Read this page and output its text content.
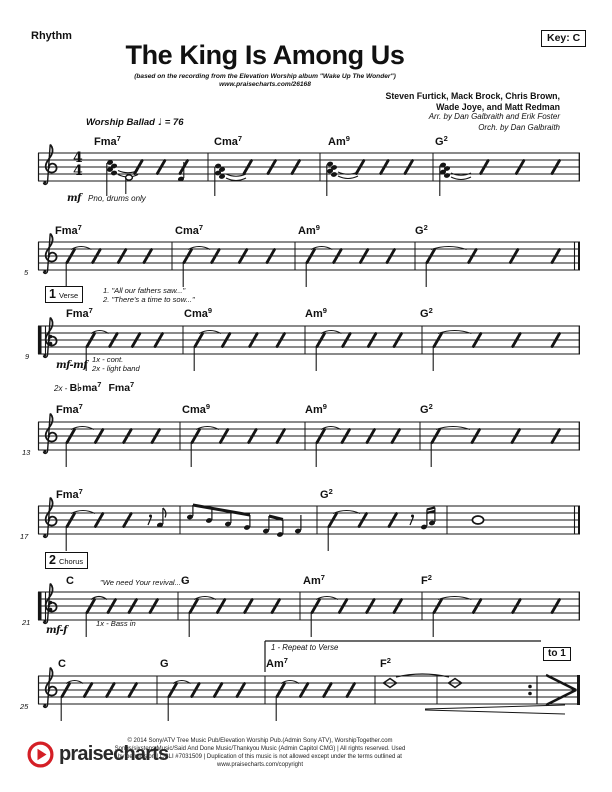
Rhythm	Key: C
The King Is Among Us
(based on the recording from the Elevation Worship album "Wake Up The Wonder")
www.praisecharts.com/26168
Steven Furtick, Mack Brock, Chris Brown,
Wade Joye, and Matt Redman
Arr. by Dan Galbraith and Erik Foster
Orch. by Dan Galbraith
Worship Ballad ♩ = 76
4
4
Fma$^7$	Cma$^7$	Am$^9$	$G^2$
Fma$^7$	Cma$^7$	Am$^9$	$G^2$
Fma$^7$	Cma$^9$	Am$^9$	$G^2$
Fma$^7$	Cma$^9$	Am$^9$	$G^2$
Fma$^7$	$G^2$
C	G	Am$^7$	$F^2$
C	G	Am$^7$	$F^2$
5
9
13
17
21
25
mf Pno, drums only
1 Verse
1. "All our fathers saw..."
2. "There's a time to sow..."
mf-mf
1x - cont.
2x - light band
2x - B♭ma7 Fma7
2 Chorus
"We need Your revival..."
1x - Bass in
mf-f
1 - Repeat to Verse
to 1
praisecharts
© 2014 Sony/ATV Tree Music Pub/Elevation Worship Pub.(Admin Sony ATV), WorshipTogether.com
Songs/sixsteps Music/Said And Done Music/Thankyou Music (Admin Capitol CMG) | All rights reserved. Used
by permission | CCLI #7031509 | Duplication of this music is not allowed except under the terms outlined at
www.praisecharts.com/copyright
